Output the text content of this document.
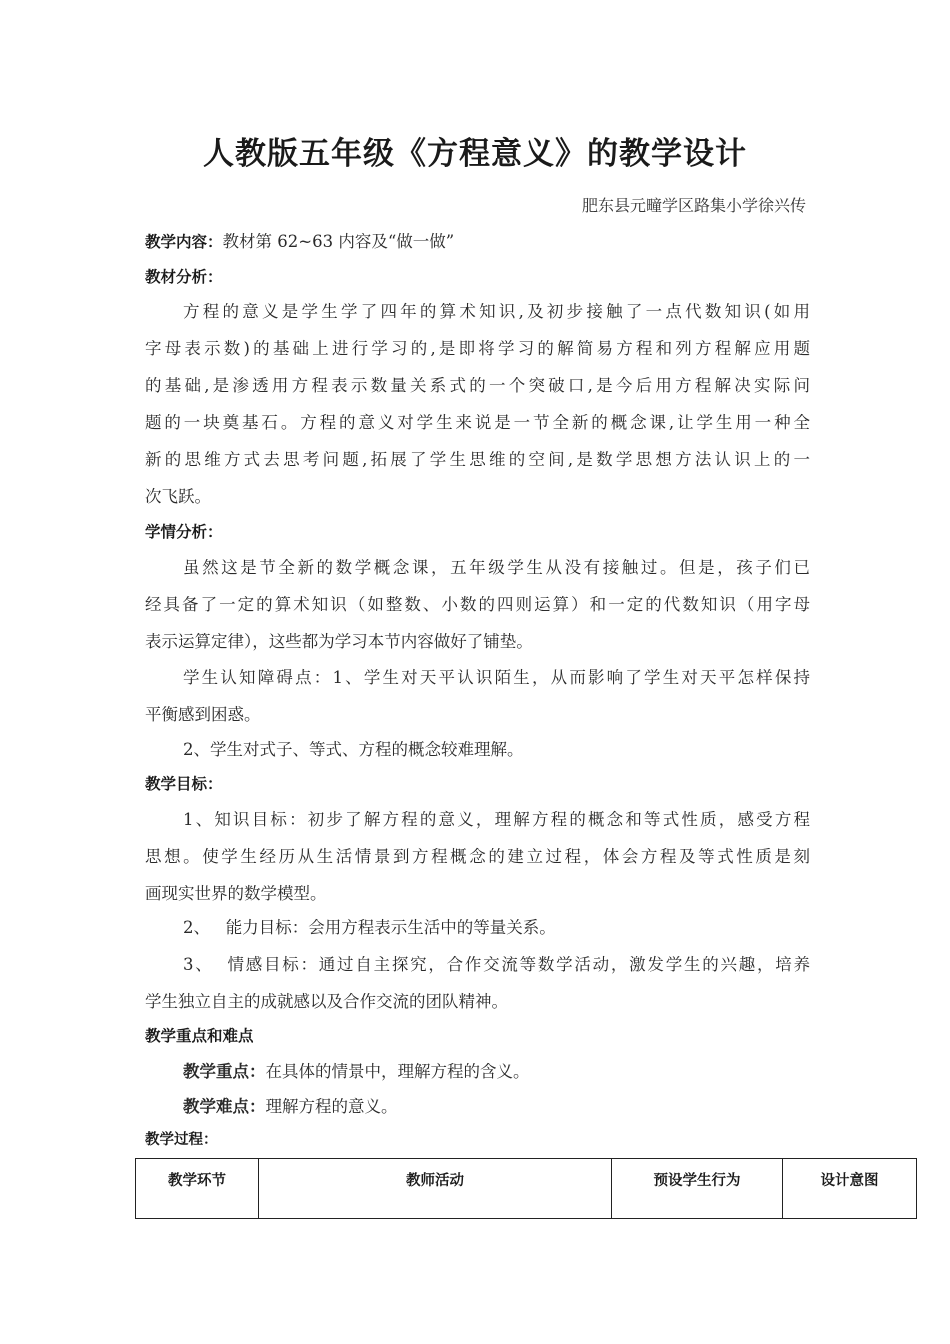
人教版五年级《方程意义》的教学设计
肥东县元疃学区路集小学徐兴传
教学内容：教材第 62~63 内容及“做一做”
教材分析：
方程的意义是学生学了四年的算术知识,及初步接触了一点代数知识(如用
字母表示数)的基础上进行学习的,是即将学习的解简易方程和列方程解应用题
的基础,是渗透用方程表示数量关系式的一个突破口,是今后用方程解决实际问
题的一块奠基石。方程的意义对学生来说是一节全新的概念课,让学生用一种全
新的思维方式去思考问题,拓展了学生思维的空间,是数学思想方法认识上的一
次飞跃。
学情分析：
虽然这是节全新的数学概念课，五年级学生从没有接触过。但是，孩子们已
经具备了一定的算术知识（如整数、小数的四则运算）和一定的代数知识（用字母
表示运算定律），这些都为学习本节内容做好了铺垫。
学生认知障碍点：1、学生对天平认识陌生，从而影响了学生对天平怎样保持
平衡感到困惑。
2、学生对式子、等式、方程的概念较难理解。
教学目标：
1、知识目标：初步了解方程的意义，理解方程的概念和等式性质，感受方程
思想。使学生经历从生活情景到方程概念的建立过程，体会方程及等式性质是刻
画现实世界的数学模型。
2、   能力目标：会用方程表示生活中的等量关系。
3、  情感目标：通过自主探究，合作交流等数学活动，激发学生的兴趣，培养
学生独立自主的成就感以及合作交流的团队精神。
教学重点和难点
教学重点：在具体的情景中，理解方程的含义。
教学难点：理解方程的意义。
教学过程：
教学环节	教师活动	预设学生行为	设计意图
